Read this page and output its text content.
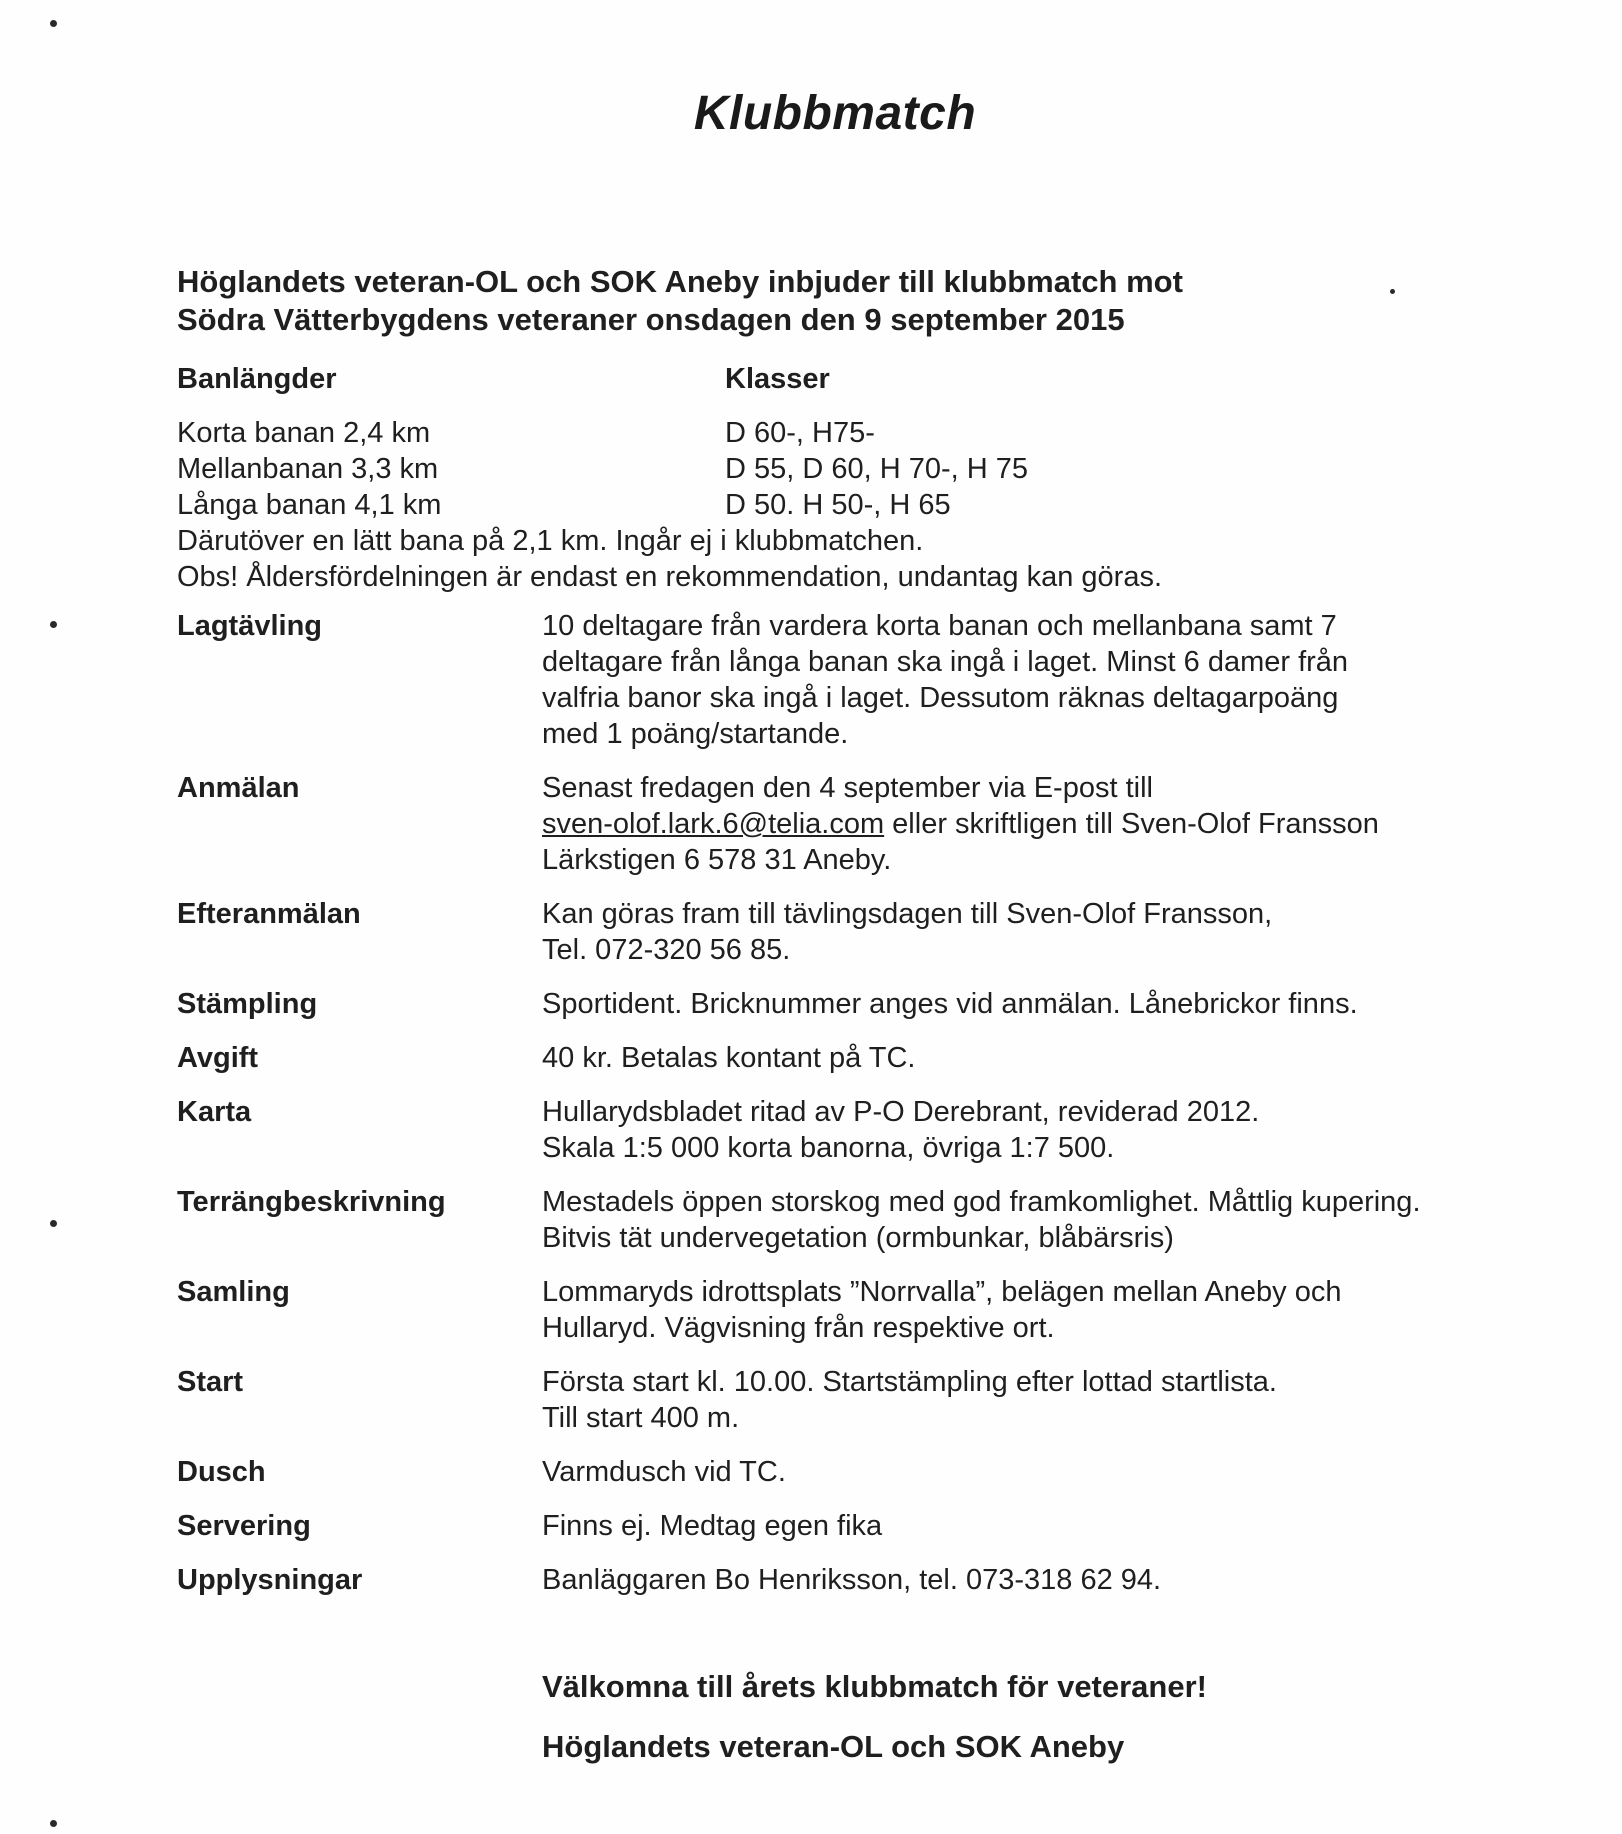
Klubbmatch
Höglandets veteran-OL och SOK Aneby inbjuder till klubbmatch mot
Södra Vätterbygdens veteraner onsdagen den 9 september 2015
Banlängder	Klasser
Korta banan 2,4 km	D 60-, H75-
Mellanbanan 3,3 km	D 55, D 60, H 70-, H 75
Långa banan 4,1 km	D 50. H 50-, H 65
Därutöver en lätt bana på 2,1 km. Ingår ej i klubbmatchen.
Obs! Åldersfördelningen är endast en rekommendation, undantag kan göras.
Lagtävling	10 deltagare från vardera korta banan och mellanbana samt 7
deltagare från långa banan ska ingå i laget. Minst 6 damer från
valfria banor ska ingå i laget. Dessutom räknas deltagarpoäng
med 1 poäng/startande.
Anmälan	Senast fredagen den 4 september via E-post till
sven-olof.lark.6@telia.com eller skriftligen till Sven-Olof Fransson
Lärkstigen 6 578 31 Aneby.
Efteranmälan	Kan göras fram till tävlingsdagen till Sven-Olof Fransson,
Tel. 072-320 56 85.
Stämpling	Sportident. Bricknummer anges vid anmälan. Lånebrickor finns.
Avgift	40 kr. Betalas kontant på TC.
Karta	Hullarydsbladet ritad av P-O Derebrant, reviderad 2012.
Skala 1:5 000 korta banorna, övriga 1:7 500.
Terrängbeskrivning	Mestadels öppen storskog med god framkomlighet. Måttlig kupering.
Bitvis tät undervegetation (ormbunkar, blåbärsris)
Samling	Lommaryds idrottsplats ”Norrvalla”, belägen mellan Aneby och
Hullaryd. Vägvisning från respektive ort.
Start	Första start kl. 10.00. Startstämpling efter lottad startlista.
Till start 400 m.
Dusch	Varmdusch vid TC.
Servering	Finns ej. Medtag egen fika
Upplysningar	Banläggaren Bo Henriksson, tel. 073-318 62 94.
Välkomna till årets klubbmatch för veteraner!
Höglandets veteran-OL och SOK Aneby
